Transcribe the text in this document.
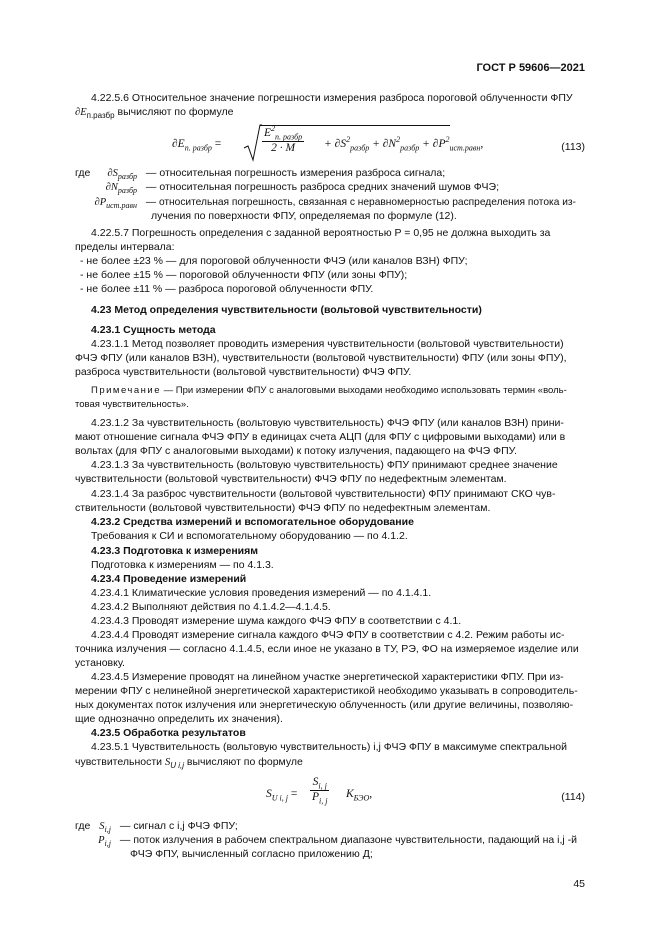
ГОСТ Р 59606—2021
4.22.5.6 Относительное значение погрешности измерения разброса пороговой облученности ФПУ
$\partial E_{п.разбр}$ вычисляют по формуле
$\partial E_{п. разбр}$ =
$E^2_{п. разбр}$
2 · M	+ $\partial S^2_{разбр} + \partial N^2_{разбр} + \partial P^2_{ист.равн}$,	(113)
где $\partial S_{разбр}$ — относительная погрешность измерения разброса сигнала;
$\partial N_{разбр}$ — относительная погрешность разброса средних значений шумов ФЧЭ;
$\partial P_{ист.равн}$ — относительная погрешность, связанная с неравномерностью распределения потока из-
лучения по поверхности ФПУ, определяемая по формуле (12).
4.22.5.7 Погрешность определения с заданной вероятностью P = 0,95 не должна выходить за
пределы интервала:
- не более ±23 % — для пороговой облученности ФЧЭ (или каналов ВЗН) ФПУ;
- не более ±15 % — пороговой облученности ФПУ (или зоны ФПУ);
- не более ±11 % — разброса пороговой облученности ФПУ.
4.23 Метод определения чувствительности (вольтовой чувствительности)
4.23.1 Сущность метода
4.23.1.1 Метод позволяет проводить измерения чувствительности (вольтовой чувствительности)
ФЧЭ ФПУ (или каналов ВЗН), чувствительности (вольтовой чувствительности) ФПУ (или зоны ФПУ),
разброса чувствительности (вольтовой чувствительности) ФЧЭ ФПУ.
Примечание — При измерении ФПУ с аналоговыми выходами необходимо использовать термин «воль-
товая чувствительность».
4.23.1.2 За чувствительность (вольтовую чувствительность) ФЧЭ ФПУ (или каналов ВЗН) прини-
мают отношение сигнала ФЧЭ ФПУ в единицах счета АЦП (для ФПУ с цифровыми выходами) или в
вольтах (для ФПУ с аналоговыми выходами) к потоку излучения, падающего на ФЧЭ ФПУ.
4.23.1.3 За чувствительность (вольтовую чувствительность) ФПУ принимают среднее значение
чувствительности (вольтовой чувствительности) ФЧЭ ФПУ по недефектным элементам.
4.23.1.4 За разброс чувствительности (вольтовой чувствительности) ФПУ принимают СКО чув-
ствительности (вольтовой чувствительности) ФЧЭ ФПУ по недефектным элементам.
4.23.2 Средства измерений и вспомогательное оборудование
Требования к СИ и вспомогательному оборудованию — по 4.1.2.
4.23.3 Подготовка к измерениям
Подготовка к измерениям — по 4.1.3.
4.23.4 Проведение измерений
4.23.4.1 Климатические условия проведения измерений — по 4.1.4.1.
4.23.4.2 Выполняют действия по 4.1.4.2—4.1.4.5.
4.23.4.3 Проводят измерение шума каждого ФЧЭ ФПУ в соответствии с 4.1.
4.23.4.4 Проводят измерение сигнала каждого ФЧЭ ФПУ в соответствии с 4.2. Режим работы ис-
точника излучения — согласно 4.1.4.5, если иное не указано в ТУ, РЭ, ФО на измеряемое изделие или
установку.
4.23.4.5 Измерение проводят на линейном участке энергетической характеристики ФПУ. При из-
мерении ФПУ с нелинейной энергетической характеристикой необходимо указывать в сопроводитель-
ных документах поток излучения или энергетическую облученность (или другие величины, позволяю-
щие однозначно определить их значения).
4.23.5 Обработка результатов
4.23.5.1 Чувствительность (вольтовую чувствительность) i,j ФЧЭ ФПУ в максимуме спектральной
чувствительности $S_{U i,j}$ вычисляют по формуле
$S_{U i, j} = \frac{S_{i, j}}{P_{i, j}} K_{БЭО}$,	(114)
где $S_{i,j}$ — сигнал с i,j ФЧЭ ФПУ;
$P_{i,j}$ — поток излучения в рабочем спектральном диапазоне чувствительности, падающий на i,j -й
ФЧЭ ФПУ, вычисленный согласно приложению Д;
45
